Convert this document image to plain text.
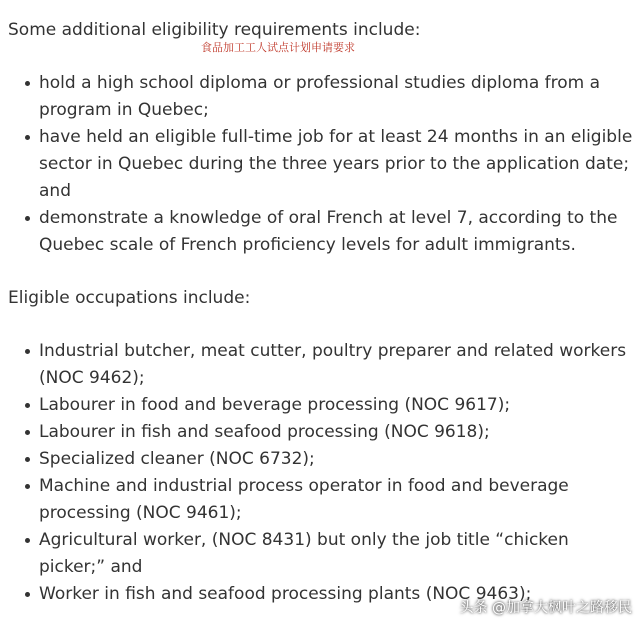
Some additional eligibility requirements include:

食品加工工人试点计划申请要求
hold a high school diploma or professional studies diploma from a program in Quebec;
have held an eligible full-time job for at least 24 months in an eligible sector in Quebec during the three years prior to the application date; and
demonstrate a knowledge of oral French at level 7, according to the Quebec scale of French proficiency levels for adult immigrants.

Eligible occupations include:

Industrial butcher, meat cutter, poultry preparer and related workers (NOC 9462);
Labourer in food and beverage processing (NOC 9617);
Labourer in fish and seafood processing (NOC 9618);
Specialized cleaner (NOC 6732);
Machine and industrial process operator in food and beverage processing (NOC 9461);
Agricultural worker, (NOC 8431) but only the job title “chicken picker;” and
Worker in fish and seafood processing plants (NOC 9463);
头条 @加拿大枫叶之路移民
